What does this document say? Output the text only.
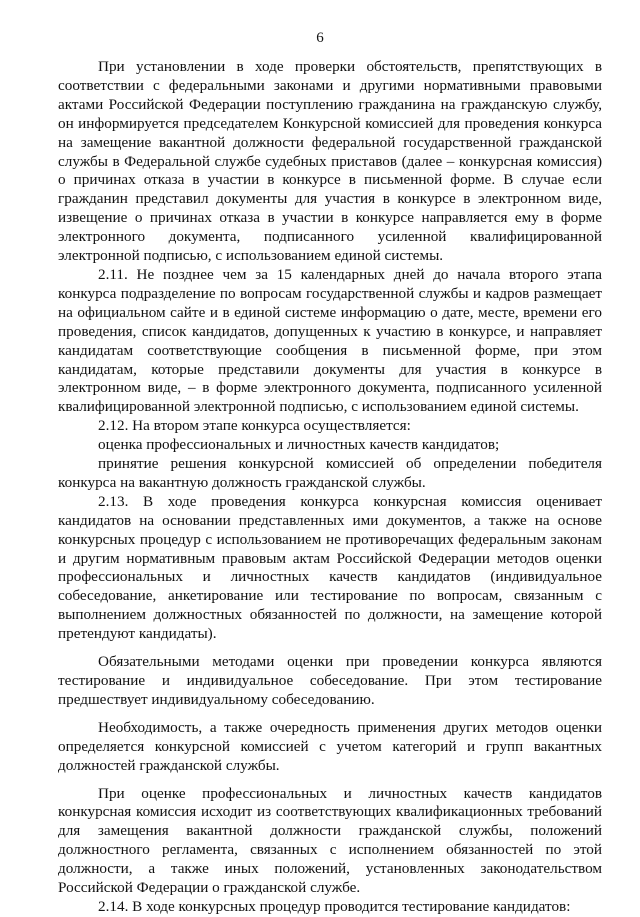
6

При установлении в ходе проверки обстоятельств, препятствующих в соответствии с федеральными законами и другими нормативными правовыми актами Российской Федерации поступлению гражданина на гражданскую службу, он информируется председателем Конкурсной комиссией для проведения конкурса на замещение вакантной должности федеральной государственной гражданской службы в Федеральной службе судебных приставов (далее – конкурсная комиссия) о причинах отказа в участии в конкурсе в письменной форме. В случае если гражданин представил документы для участия в конкурсе в электронном виде, извещение о причинах отказа в участии в конкурсе направляется ему в форме электронного документа, подписанного усиленной квалифицированной электронной подписью, с использованием единой системы.

2.11. Не позднее чем за 15 календарных дней до начала второго этапа конкурса подразделение по вопросам государственной службы и кадров размещает на официальном сайте и в единой системе информацию о дате, месте, времени его проведения, список кандидатов, допущенных к участию в конкурсе, и направляет кандидатам соответствующие сообщения в письменной форме, при этом кандидатам, которые представили документы для участия в конкурсе в электронном виде, – в форме электронного документа, подписанного усиленной квалифицированной электронной подписью, с использованием единой системы.

2.12. На втором этапе конкурса осуществляется:

оценка профессиональных и личностных качеств кандидатов;

принятие решения конкурсной комиссией об определении победителя конкурса на вакантную должность гражданской службы.

2.13. В ходе проведения конкурса конкурсная комиссия оценивает кандидатов на основании представленных ими документов, а также на основе конкурсных процедур с использованием не противоречащих федеральным законам и другим нормативным правовым актам Российской Федерации методов оценки профессиональных и личностных качеств кандидатов (индивидуальное собеседование, анкетирование или тестирование по вопросам, связанным с выполнением должностных обязанностей по должности, на замещение которой претендуют кандидаты).

Обязательными методами оценки при проведении конкурса являются тестирование и индивидуальное собеседование. При этом тестирование предшествует индивидуальному собеседованию.

Необходимость, а также очередность применения других методов оценки определяется конкурсной комиссией с учетом категорий и групп вакантных должностей гражданской службы.

При оценке профессиональных и личностных качеств кандидатов конкурсная комиссия исходит из соответствующих квалификационных требований для замещения вакантной должности гражданской службы, положений должностного регламента, связанных с исполнением обязанностей по этой должности, а также иных положений, установленных законодательством Российской Федерации о гражданской службе.

2.14. В ходе конкурсных процедур проводится тестирование кандидатов:
